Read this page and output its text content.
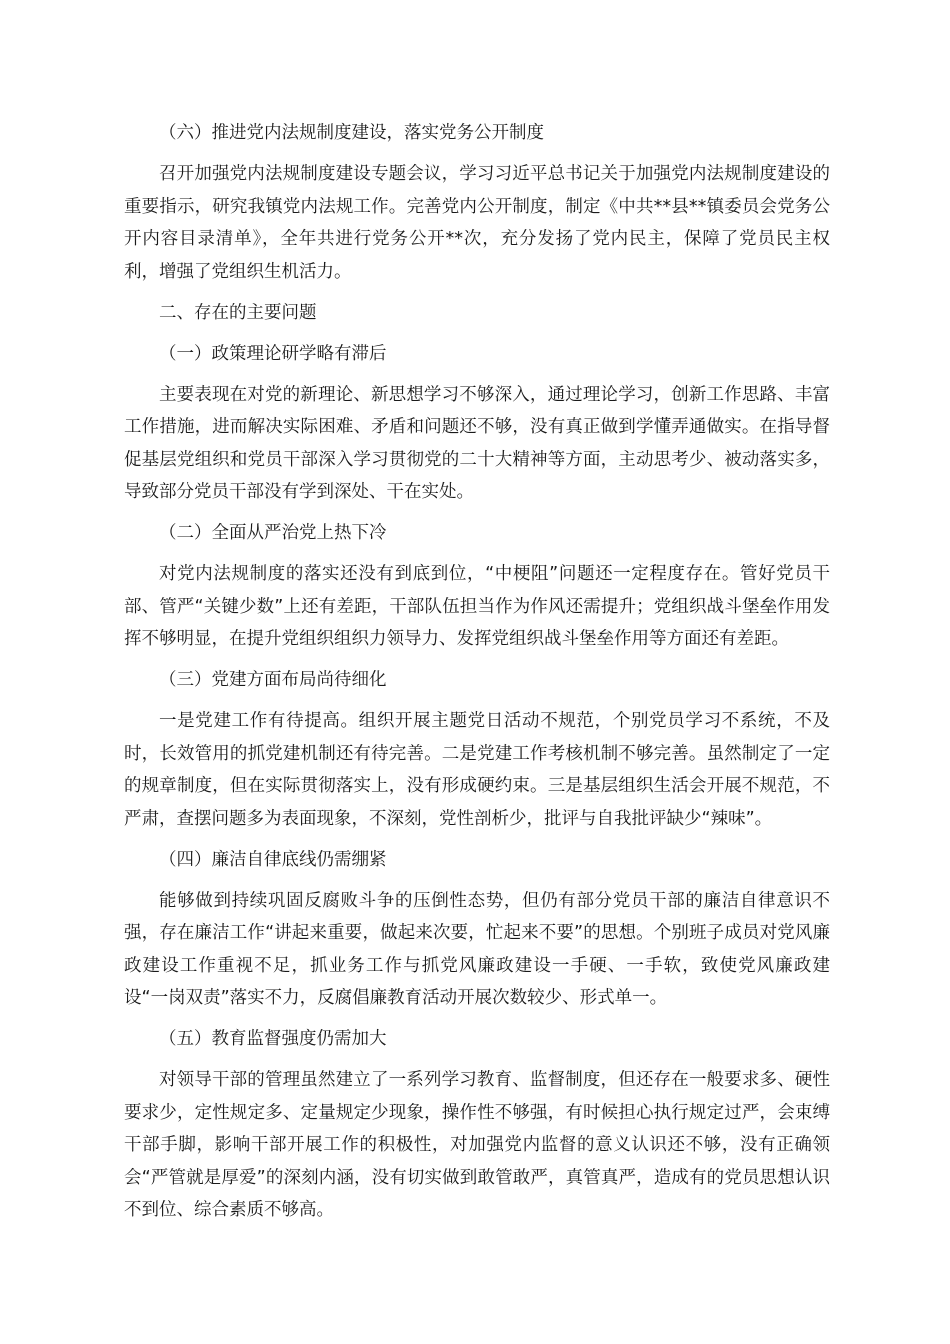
（六）推进党内法规制度建设，落实党务公开制度

召开加强党内法规制度建设专题会议，学习习近平总书记关于加强党内法规制度建设的重要指示，研究我镇党内法规工作。完善党内公开制度，制定《中共**县**镇委员会党务公开内容目录清单》，全年共进行党务公开**次，充分发扬了党内民主，保障了党员民主权利，增强了党组织生机活力。

二、存在的主要问题

（一）政策理论研学略有滞后

主要表现在对党的新理论、新思想学习不够深入，通过理论学习，创新工作思路、丰富工作措施，进而解决实际困难、矛盾和问题还不够，没有真正做到学懂弄通做实。在指导督促基层党组织和党员干部深入学习贯彻党的二十大精神等方面，主动思考少、被动落实多，导致部分党员干部没有学到深处、干在实处。

（二）全面从严治党上热下冷

对党内法规制度的落实还没有到底到位，“中梗阻”问题还一定程度存在。管好党员干部、管严“关键少数”上还有差距，干部队伍担当作为作风还需提升；党组织战斗堡垒作用发挥不够明显，在提升党组织组织力领导力、发挥党组织战斗堡垒作用等方面还有差距。

（三）党建方面布局尚待细化

一是党建工作有待提高。组织开展主题党日活动不规范，个别党员学习不系统，不及时，长效管用的抓党建机制还有待完善。二是党建工作考核机制不够完善。虽然制定了一定的规章制度，但在实际贯彻落实上，没有形成硬约束。三是基层组织生活会开展不规范，不严肃，查摆问题多为表面现象，不深刻，党性剖析少，批评与自我批评缺少“辣味”。

（四）廉洁自律底线仍需绷紧

能够做到持续巩固反腐败斗争的压倒性态势，但仍有部分党员干部的廉洁自律意识不强，存在廉洁工作“讲起来重要，做起来次要，忙起来不要”的思想。个别班子成员对党风廉政建设工作重视不足，抓业务工作与抓党风廉政建设一手硬、一手软，致使党风廉政建设“一岗双责”落实不力，反腐倡廉教育活动开展次数较少、形式单一。

（五）教育监督强度仍需加大

对领导干部的管理虽然建立了一系列学习教育、监督制度，但还存在一般要求多、硬性要求少，定性规定多、定量规定少现象，操作性不够强，有时候担心执行规定过严，会束缚干部手脚，影响干部开展工作的积极性，对加强党内监督的意义认识还不够，没有正确领会“严管就是厚爱”的深刻内涵，没有切实做到敢管敢严，真管真严，造成有的党员思想认识不到位、综合素质不够高。
